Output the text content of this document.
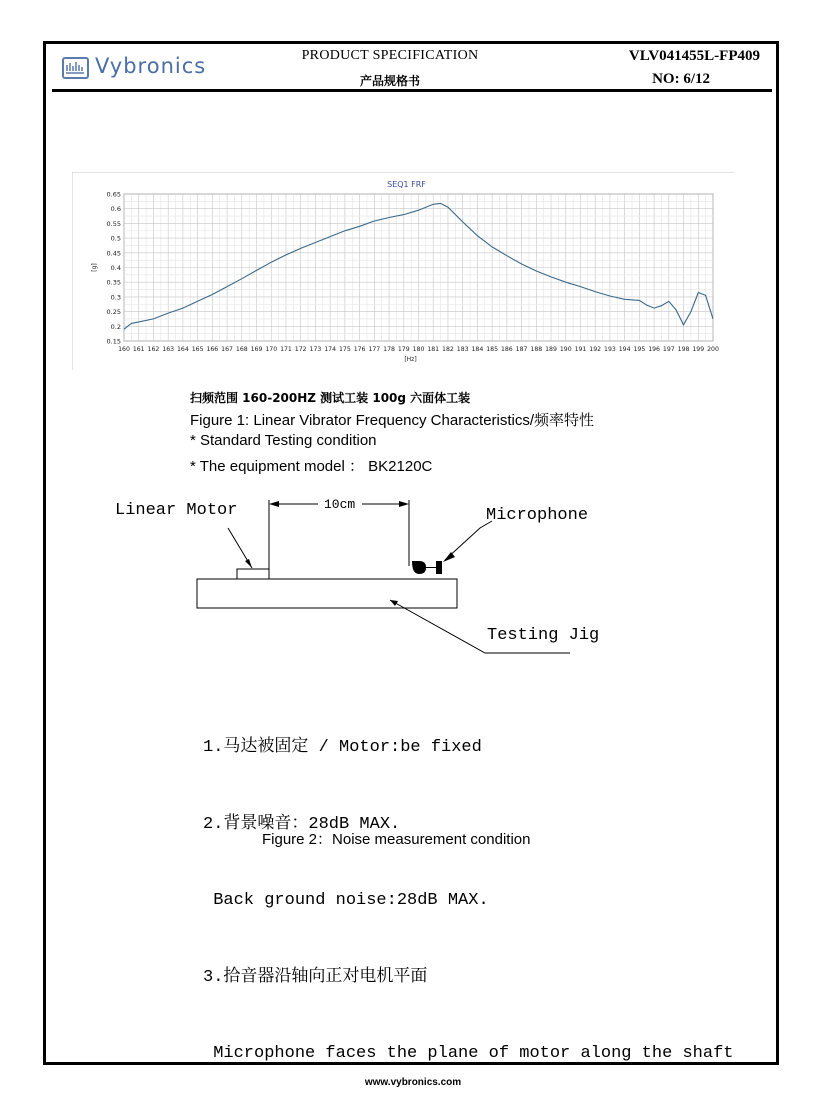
Vybronics	PRODUCT SPECIFICATION
产品规格书
VLV041455L-FP409
NO: 6/12
SEQ1 FRF
0.15
0.2
0.25
0.3
0.35
0.4
0.45
0.5
0.55
0.6
0.65
160 161 162 163 164 165 166 167 168 169 170 171 172 173 174 175 176 177 178 179 180 181 182 183 184 185 186 187 188 189 190 191 192 193 194 195 196 197 198 199 200
[Hz]
[g]
扫频范围 160-200HZ 测试工装 100g 六面体工装
Figure 1: Linear Vibrator Frequency Characteristics/频率特性
* Standard Testing condition
* The equipment model ： BK2120C
10cm
Microphone
Linear Motor
Testing Jig

1.马达被固定 / Motor:be fixed

2.背景噪音：28dB MAX.

Back ground noise:28dB MAX.

3.拾音器沿轴向正对电机平面

Microphone faces the plane of motor along the shaft

Figure 2：Noise measurement condition
www.vybronics.com
